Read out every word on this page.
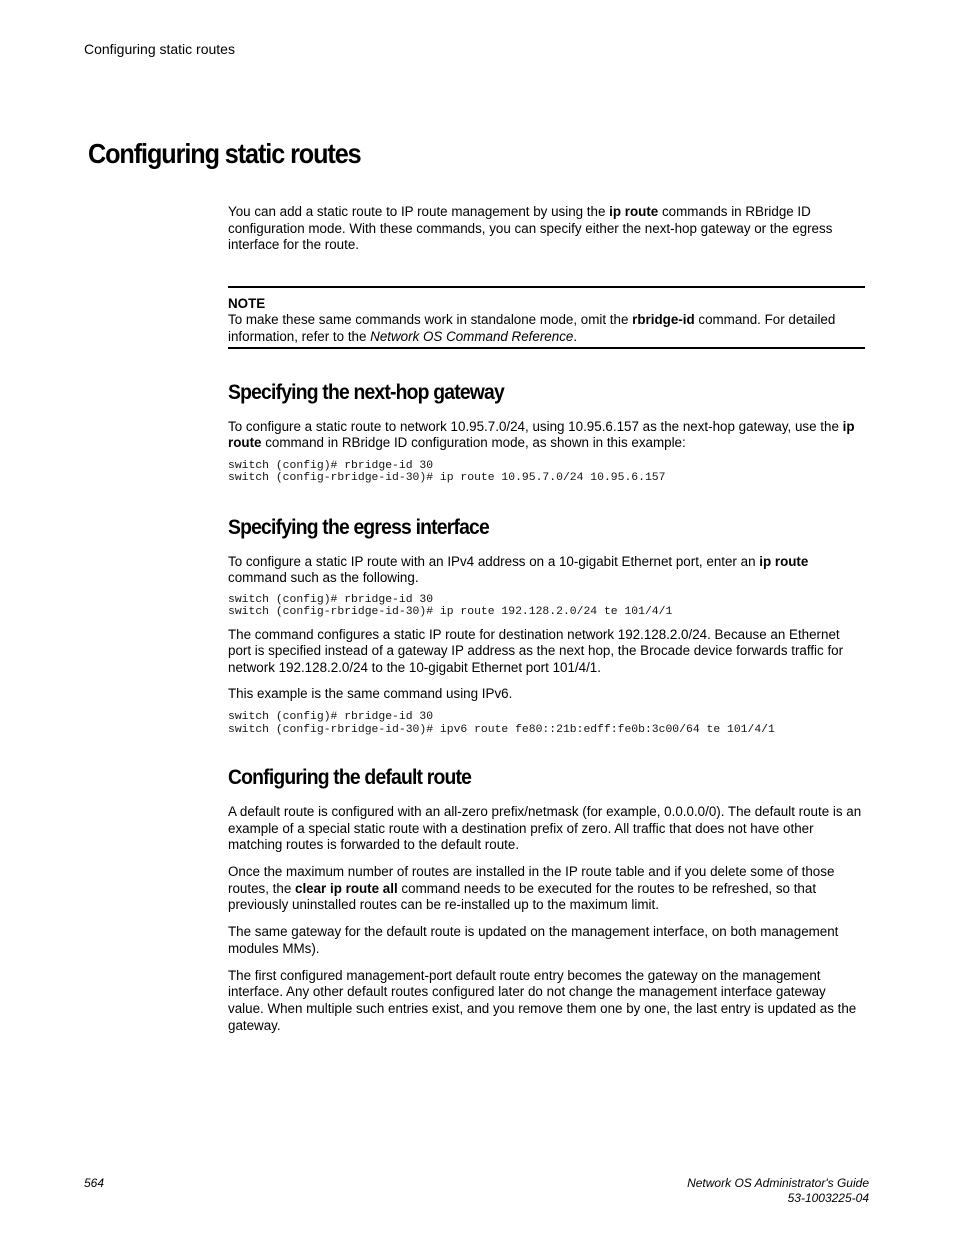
Configuring static routes
Configuring static routes

You can add a static route to IP route management by using the ip route commands in RBridge ID configuration mode. With these commands, you can specify either the next-hop gateway or the egress interface for the route.

NOTE

To make these same commands work in standalone mode, omit the rbridge-id command. For detailed information, refer to the Network OS Command Reference.

Specifying the next-hop gateway

To configure a static route to network 10.95.7.0/24, using 10.95.6.157 as the next-hop gateway, use the ip route command in RBridge ID configuration mode, as shown in this example:

switch (config)# rbridge-id 30
switch (config-rbridge-id-30)# ip route 10.95.7.0/24 10.95.6.157
Specifying the egress interface

To configure a static IP route with an IPv4 address on a 10-gigabit Ethernet port, enter an ip route command such as the following.

switch (config)# rbridge-id 30
switch (config-rbridge-id-30)# ip route 192.128.2.0/24 te 101/4/1

The command configures a static IP route for destination network 192.128.2.0/24. Because an Ethernet port is specified instead of a gateway IP address as the next hop, the Brocade device forwards traffic for network 192.128.2.0/24 to the 10-gigabit Ethernet port 101/4/1.

This example is the same command using IPv6.

switch (config)# rbridge-id 30
switch (config-rbridge-id-30)# ipv6 route fe80::21b:edff:fe0b:3c00/64 te 101/4/1
Configuring the default route

A default route is configured with an all-zero prefix/netmask (for example, 0.0.0.0/0). The default route is an example of a special static route with a destination prefix of zero. All traffic that does not have other matching routes is forwarded to the default route.

Once the maximum number of routes are installed in the IP route table and if you delete some of those routes, the clear ip route all command needs to be executed for the routes to be refreshed, so that previously uninstalled routes can be re-installed up to the maximum limit.

The same gateway for the default route is updated on the management interface, on both management modules MMs).

The first configured management-port default route entry becomes the gateway on the management interface. Any other default routes configured later do not change the management interface gateway value. When multiple such entries exist, and you remove them one by one, the last entry is updated as the gateway.

564	Network OS Administrator's Guide
53-1003225-04
